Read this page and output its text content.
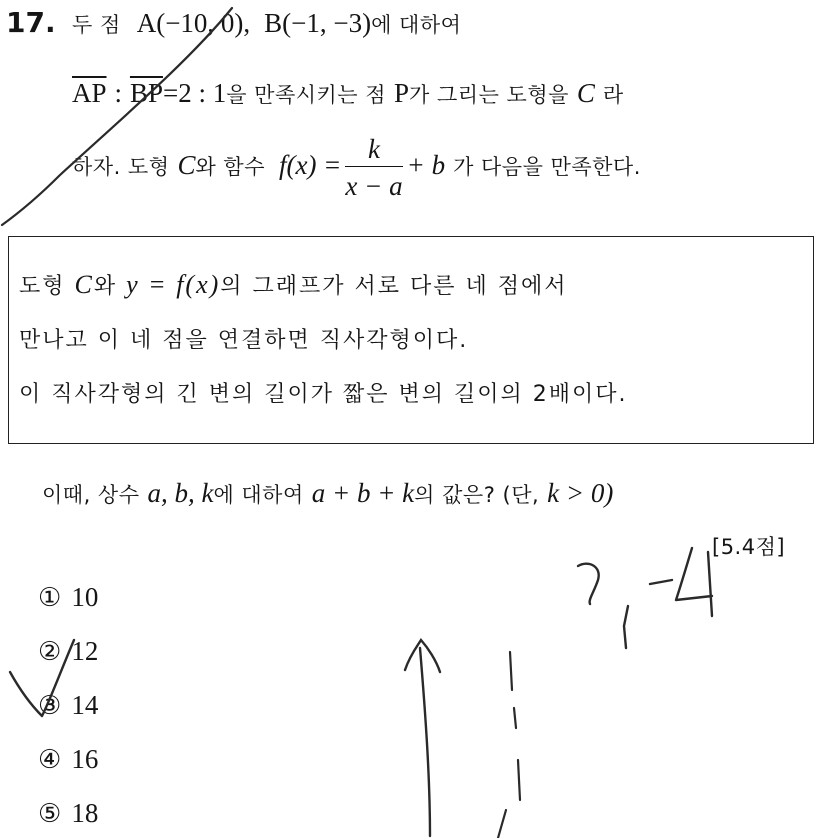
17. 두 점 A(−10, 0), B(−1, −3)에 대하여
$\overline{AP}$ : $\overline{BP}=2$ : 1을 만족시키는 점 P가 그리는 도형을 C 라
하자. 도형 C와 함수 $f(x) = \frac{k}{x - a} + b$ 가 다음을 만족한다.
도형 C와 y = f(x)의 그래프가 서로 다른 네 점에서
만나고 이 네 점을 연결하면 직사각형이다.
이 직사각형의 긴 변의 길이가 짧은 변의 길이의 2배이다.
이때, 상수 a, b, k에 대하여 a + b + k의 값은? (단, k > 0)
[5.4점]
① 10
② 12
③ 14
④ 16
⑤ 18
2, -4
